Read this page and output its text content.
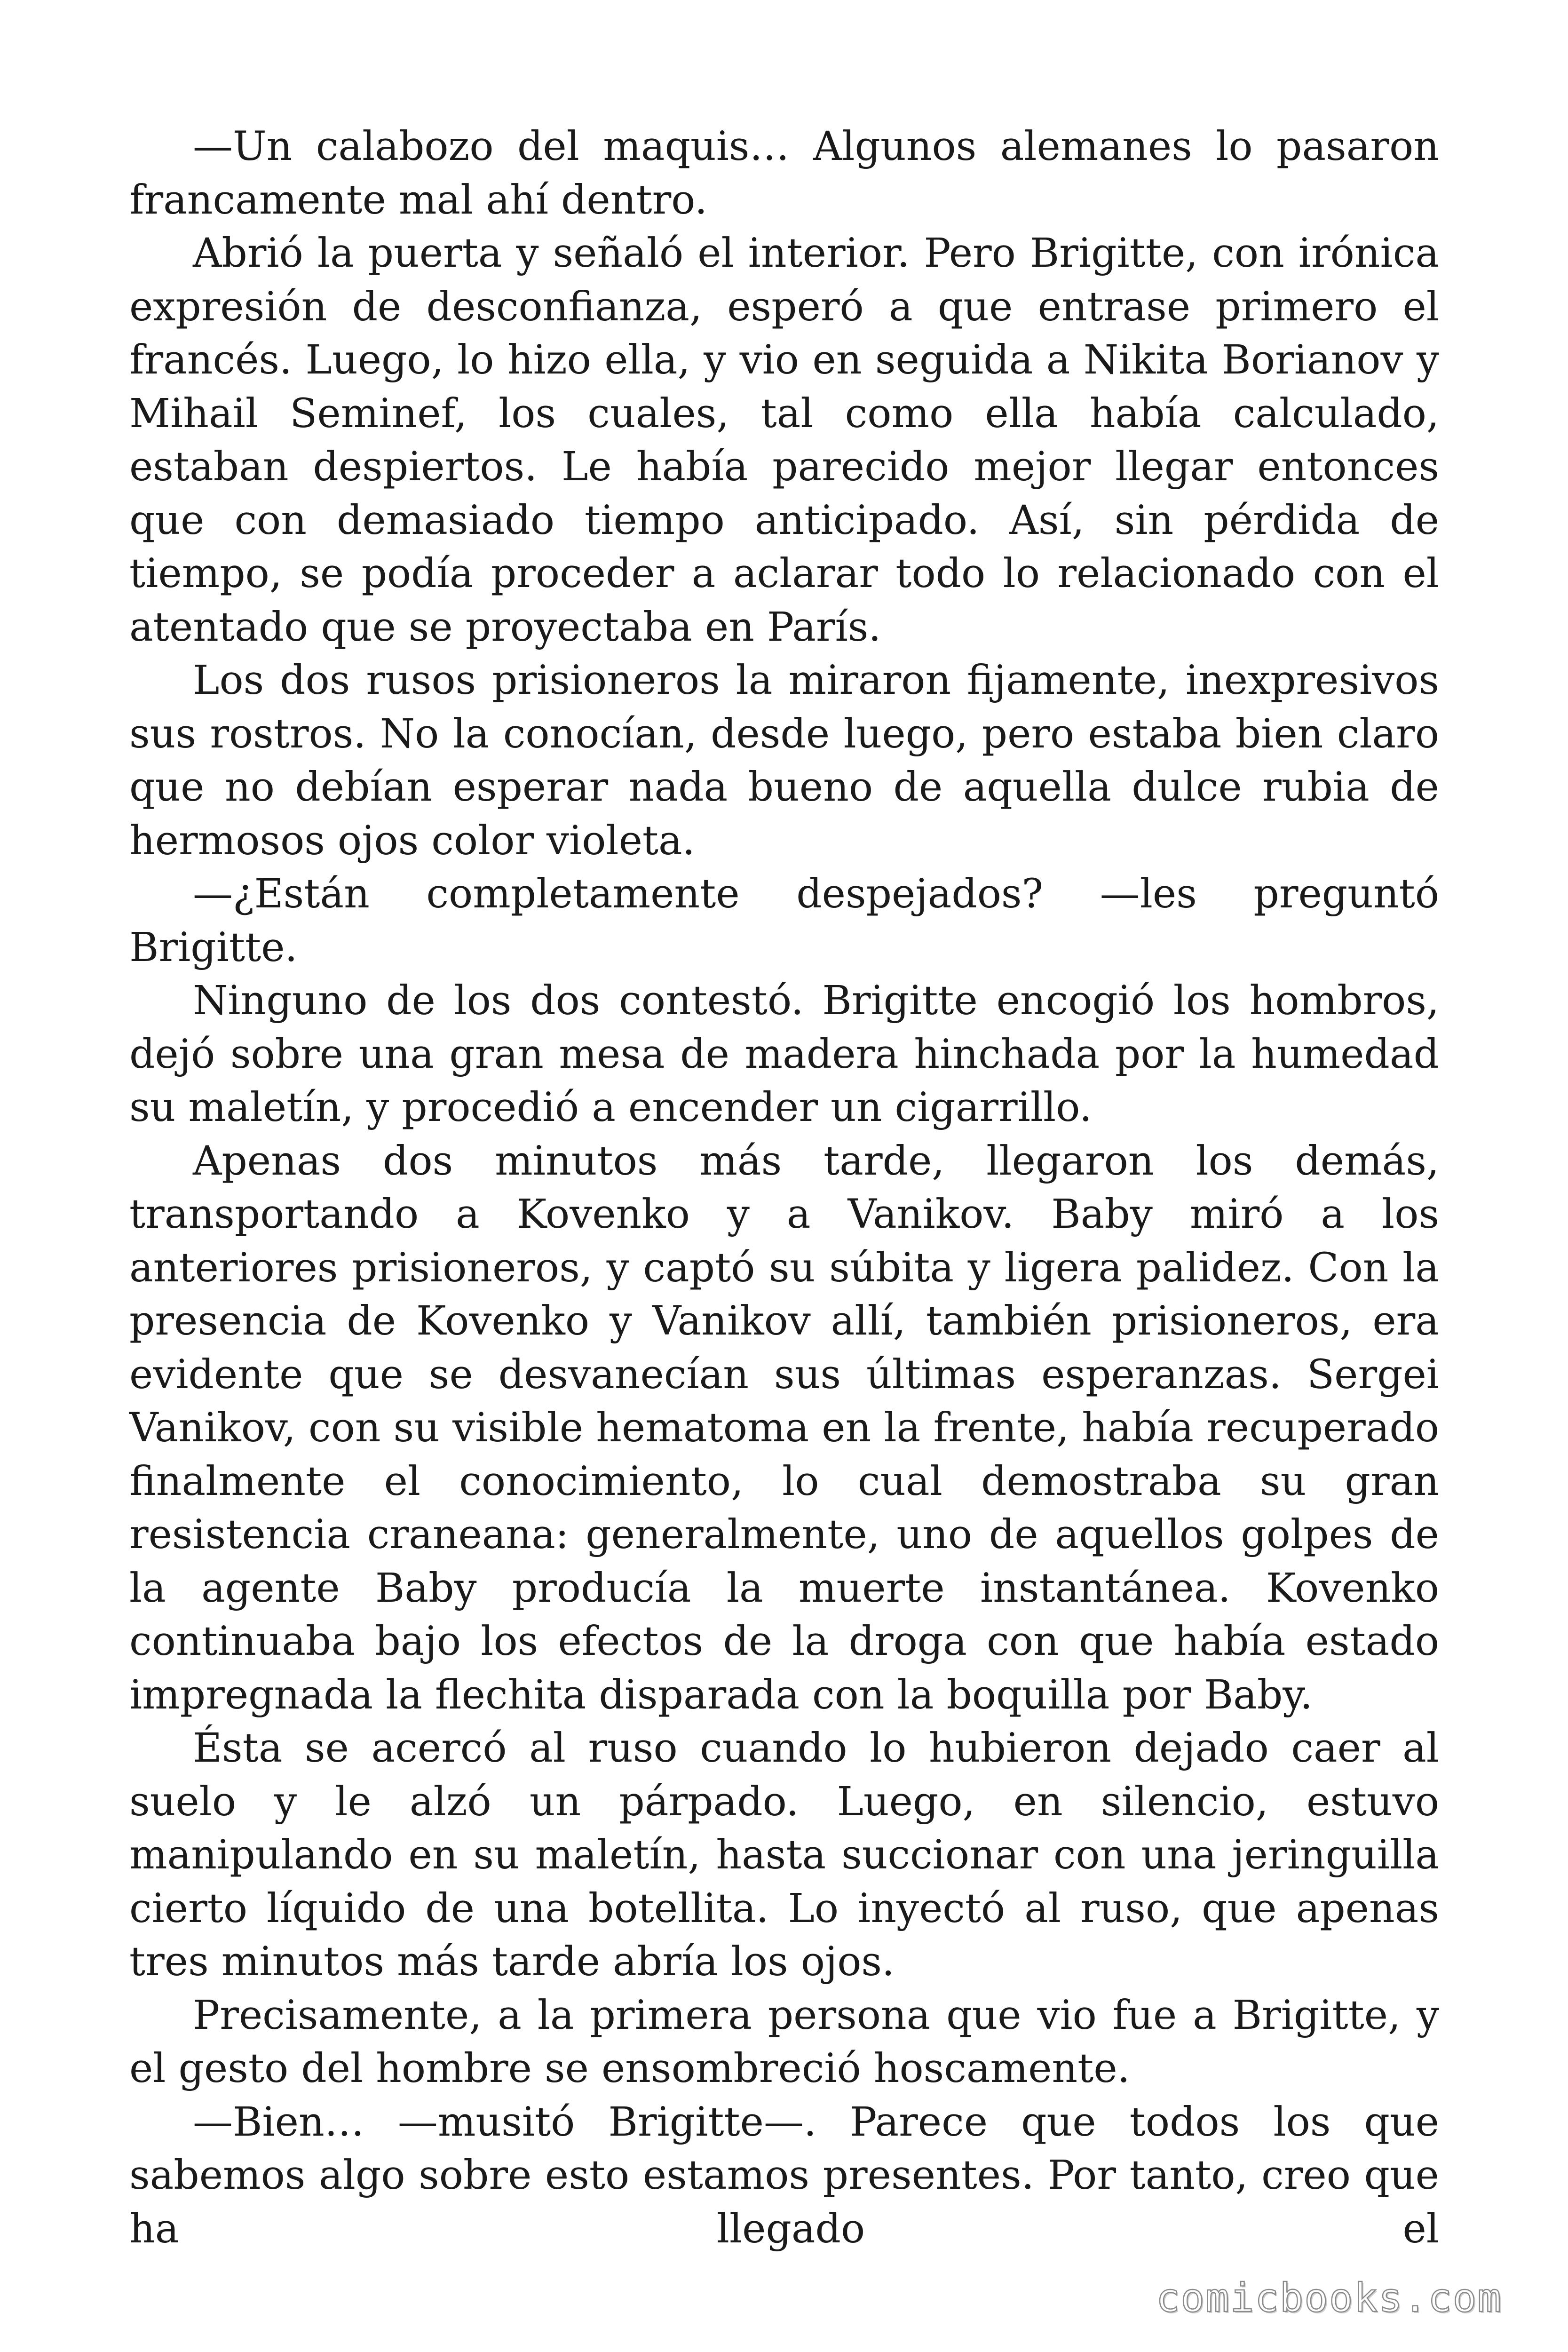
—Un calabozo del maquis… Algunos alemanes lo pasaron francamente mal ahí dentro.

Abrió la puerta y señaló el interior. Pero Brigitte, con irónica expresión de desconfianza, esperó a que entrase primero el francés. Luego, lo hizo ella, y vio en seguida a Nikita Borianov y Mihail Seminef, los cuales, tal como ella había calculado, estaban despiertos. Le había parecido mejor llegar entonces que con demasiado tiempo anticipado. Así, sin pérdida de tiempo, se podía proceder a aclarar todo lo relacionado con el atentado que se proyectaba en París.

Los dos rusos prisioneros la miraron fijamente, inexpresivos sus rostros. No la conocían, desde luego, pero estaba bien claro que no debían esperar nada bueno de aquella dulce rubia de hermosos ojos color violeta.

—¿Están completamente despejados? —les preguntó Brigitte.

Ninguno de los dos contestó. Brigitte encogió los hombros, dejó sobre una gran mesa de madera hinchada por la humedad su maletín, y procedió a encender un cigarrillo.

Apenas dos minutos más tarde, llegaron los demás, transportando a Kovenko y a Vanikov. Baby miró a los anteriores prisioneros, y captó su súbita y ligera palidez. Con la presencia de Kovenko y Vanikov allí, también prisioneros, era evidente que se desvanecían sus últimas esperanzas. Sergei Vanikov, con su visible hematoma en la frente, había recuperado finalmente el conocimiento, lo cual demostraba su gran resistencia craneana: generalmente, uno de aquellos golpes de la agente Baby producía la muerte instantánea. Kovenko continuaba bajo los efectos de la droga con que había estado impregnada la flechita disparada con la boquilla por Baby.

Ésta se acercó al ruso cuando lo hubieron dejado caer al suelo y le alzó un párpado. Luego, en silencio, estuvo manipulando en su maletín, hasta succionar con una jeringuilla cierto líquido de una botellita. Lo inyectó al ruso, que apenas tres minutos más tarde abría los ojos.

Precisamente, a la primera persona que vio fue a Brigitte, y el gesto del hombre se ensombreció hoscamente.

—Bien… —musitó Brigitte—. Parece que todos los que sabemos algo sobre esto estamos presentes. Por tanto, creo que ha llegado el

comicbooks.com
